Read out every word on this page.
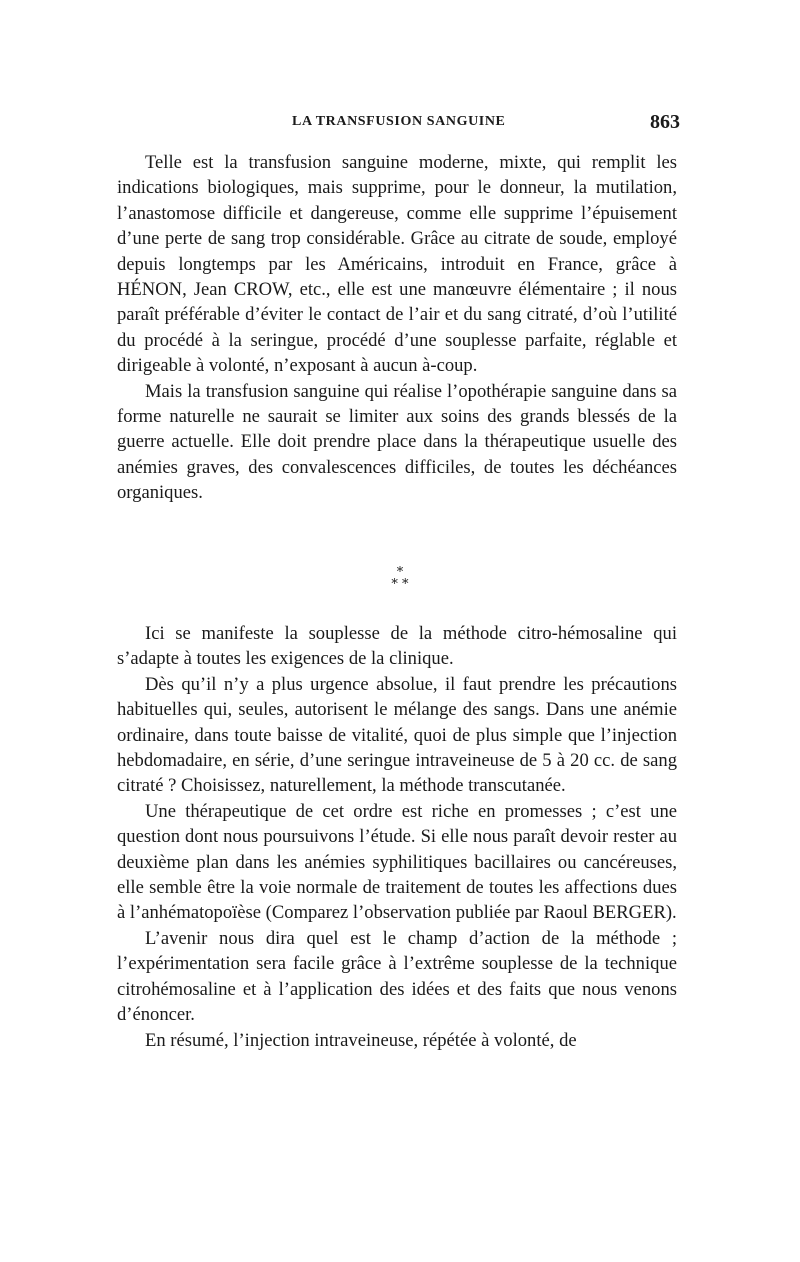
LA TRANSFUSION SANGUINE	863

Telle est la transfusion sanguine moderne, mixte, qui remplit les indications biologiques, mais supprime, pour le donneur, la mutilation, l’anastomose difficile et dangereuse, comme elle supprime l’épuisement d’une perte de sang trop considérable. Grâce au citrate de soude, employé depuis longtemps par les Américains, introduit en France, grâce à HÉNON, Jean CROW, etc., elle est une manœuvre élémentaire ; il nous paraît préférable d’éviter le contact de l’air et du sang citraté, d’où l’utilité du procédé à la seringue, procédé d’une souplesse parfaite, réglable et dirigeable à volonté, n’exposant à aucun à-coup.

Mais la transfusion sanguine qui réalise l’opothérapie sanguine dans sa forme naturelle ne saurait se limiter aux soins des grands blessés de la guerre actuelle. Elle doit prendre place dans la thérapeutique usuelle des anémies graves, des convalescences difficiles, de toutes les déchéances organiques.

*
* *

Ici se manifeste la souplesse de la méthode citro-hémosaline qui s’adapte à toutes les exigences de la clinique.

Dès qu’il n’y a plus urgence absolue, il faut prendre les précautions habituelles qui, seules, autorisent le mélange des sangs. Dans une anémie ordinaire, dans toute baisse de vitalité, quoi de plus simple que l’injection hebdomadaire, en série, d’une seringue intraveineuse de 5 à 20 cc. de sang citraté ? Choisissez, naturellement, la méthode transcutanée.

Une thérapeutique de cet ordre est riche en promesses ; c’est une question dont nous poursuivons l’étude. Si elle nous paraît devoir rester au deuxième plan dans les anémies syphilitiques bacillaires ou cancéreuses, elle semble être la voie normale de traitement de toutes les affections dues à l’anhématopoïèse (Comparez l’observation publiée par Raoul BERGER).

L’avenir nous dira quel est le champ d’action de la méthode ; l’expérimentation sera facile grâce à l’extrême souplesse de la technique citrohémosaline et à l’application des idées et des faits que nous venons d’énoncer.

En résumé, l’injection intraveineuse, répétée à volonté, de
